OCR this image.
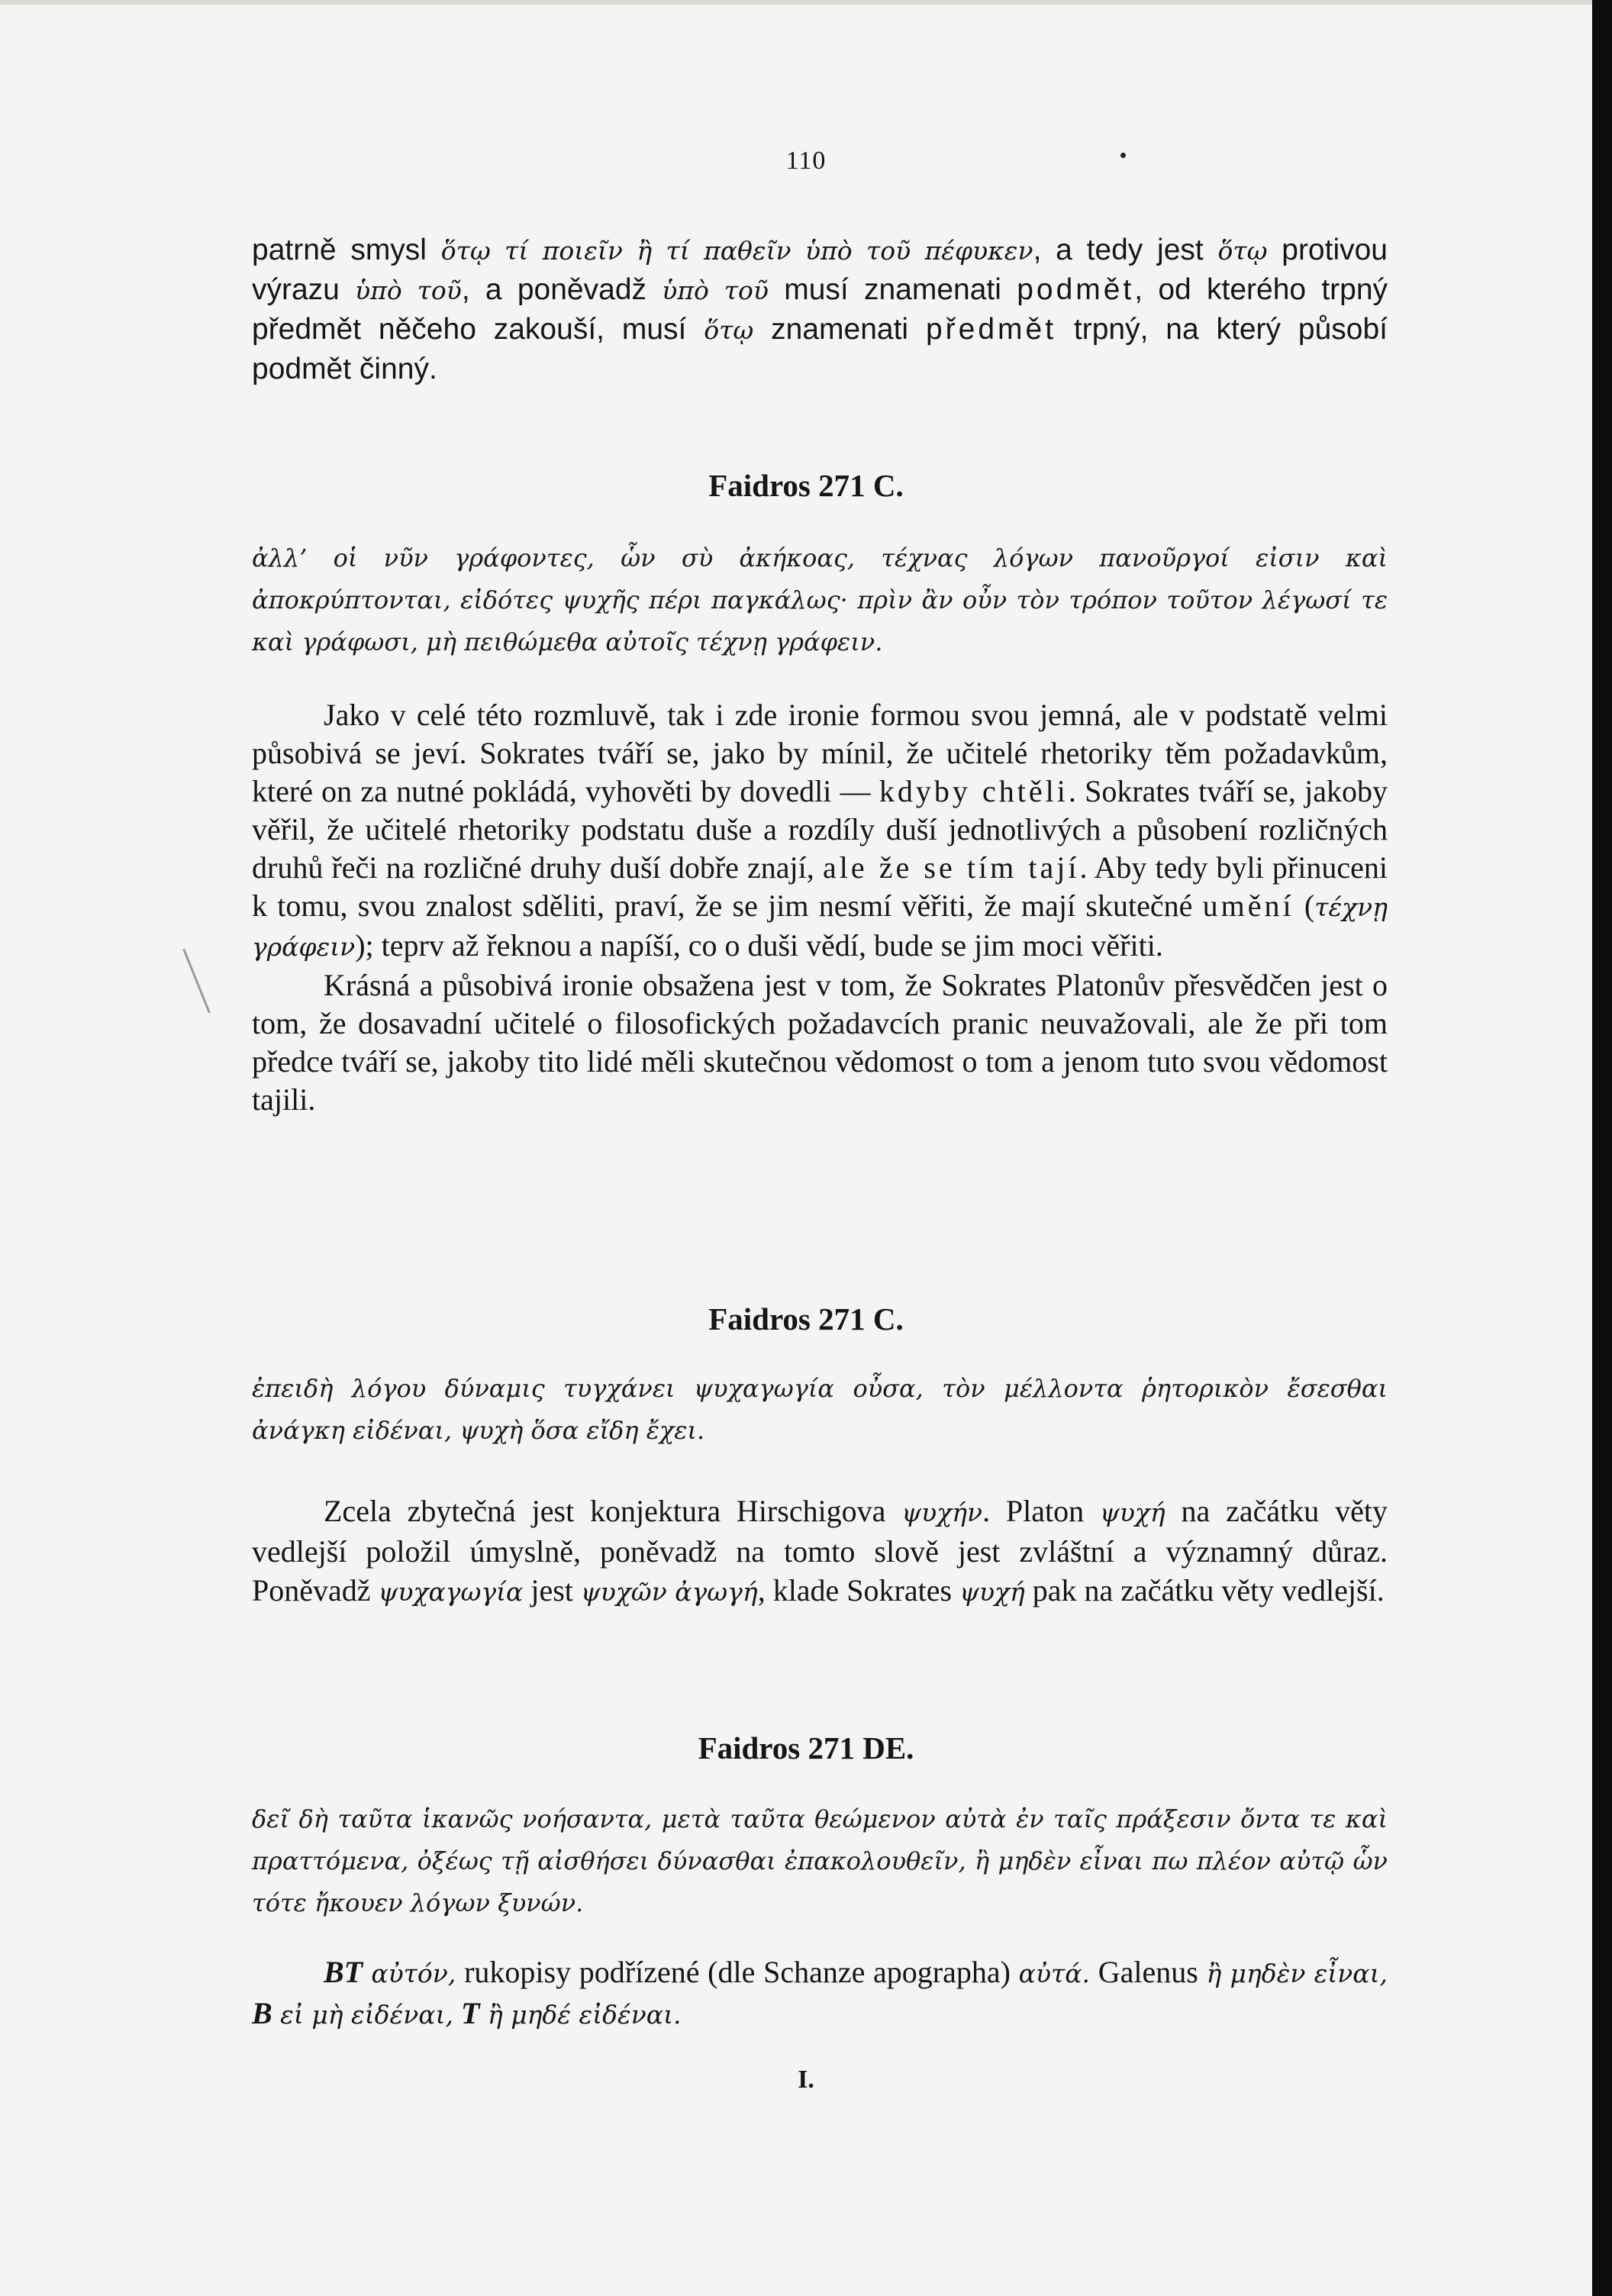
110

patrně smysl ὅτῳ τί ποιεῖν ἢ τί παθεῖν ὑπὸ τοῦ πέφυκεν, a tedy jest ὅτῳ protivou výrazu ὑπὸ τοῦ, a poněvadž ὑπὸ τοῦ musí znamenati podmět, od kterého trpný předmět něčeho zakouší, musí ὅτῳ znamenati předmět trpný, na který působí podmět činný.

Faidros 271 C.

ἀλλ’ οἱ νῦν γράφοντες, ὧν σὺ ἀκήκοας, τέχνας λόγων πανοῦργοί εἰσιν καὶ ἀποκρύπτονται, εἰδότες ψυχῆς πέρι παγκάλως· πρὶν ἂν οὖν τὸν τρόπον τοῦτον λέγωσί τε καὶ γράφωσι, μὴ πειθώμεθα αὐτοῖς τέχνῃ γράφειν.

Jako v celé této rozmluvě, tak i zde ironie formou svou jemná, ale v podstatě velmi působivá se jeví. Sokrates tváří se, jako by mínil, že učitelé rhetoriky těm požadavkům, které on za nutné pokládá, vyhověti by dovedli — kdyby chtěli. Sokrates tváří se, jakoby věřil, že učitelé rhetoriky podstatu duše a rozdíly duší jednotlivých a působení rozličných druhů řeči na rozličné druhy duší dobře znají, ale že se tím tají. Aby tedy byli přinuceni k tomu, svou znalost sděliti, praví, že se jim nesmí věřiti, že mají skutečné umění (τέχνῃ γράφειν); teprv až řeknou a napíší, co o duši vědí, bude se jim moci věřiti.

Krásná a působivá ironie obsažena jest v tom, že Sokrates Platonův přesvědčen jest o tom, že dosavadní učitelé o filosofických požadavcích pranic neuvažovali, ale že při tom předce tváří se, jakoby tito lidé měli skutečnou vědomost o tom a jenom tuto svou vědomost tajili.

Faidros 271 C.

ἐπειδὴ λόγου δύναμις τυγχάνει ψυχαγωγία οὖσα, τὸν μέλλοντα ῥητορικὸν ἔσεσθαι ἀνάγκη εἰδέναι, ψυχὴ ὅσα εἴδη ἔχει.

Zcela zbytečná jest konjektura Hirschigova ψυχήν. Platon ψυχή na začátku věty vedlejší položil úmyslně, poněvadž na tomto slově jest zvláštní a významný důraz. Poněvadž ψυχαγωγία jest ψυχῶν ἀγωγή, klade Sokrates ψυχή pak na začátku věty vedlejší.

Faidros 271 DE.

δεῖ δὴ ταῦτα ἱκανῶς νοήσαντα, μετὰ ταῦτα θεώμενον αὐτὰ ἐν ταῖς πράξεσιν ὄντα τε καὶ πραττόμενα, ὀξέως τῇ αἰσθήσει δύνασθαι ἐπακολουθεῖν, ἢ μηδὲν εἶναι πω πλέον αὐτῷ ὧν τότε ἤκουεν λόγων ξυνών.

BT αὐτόν, rukopisy podřízené (dle Schanze apographa) αὐτά. Galenus ἢ μηδὲν εἶναι, B εἰ μὴ εἰδέναι, T ἢ μηδέ εἰδέναι.

I.
